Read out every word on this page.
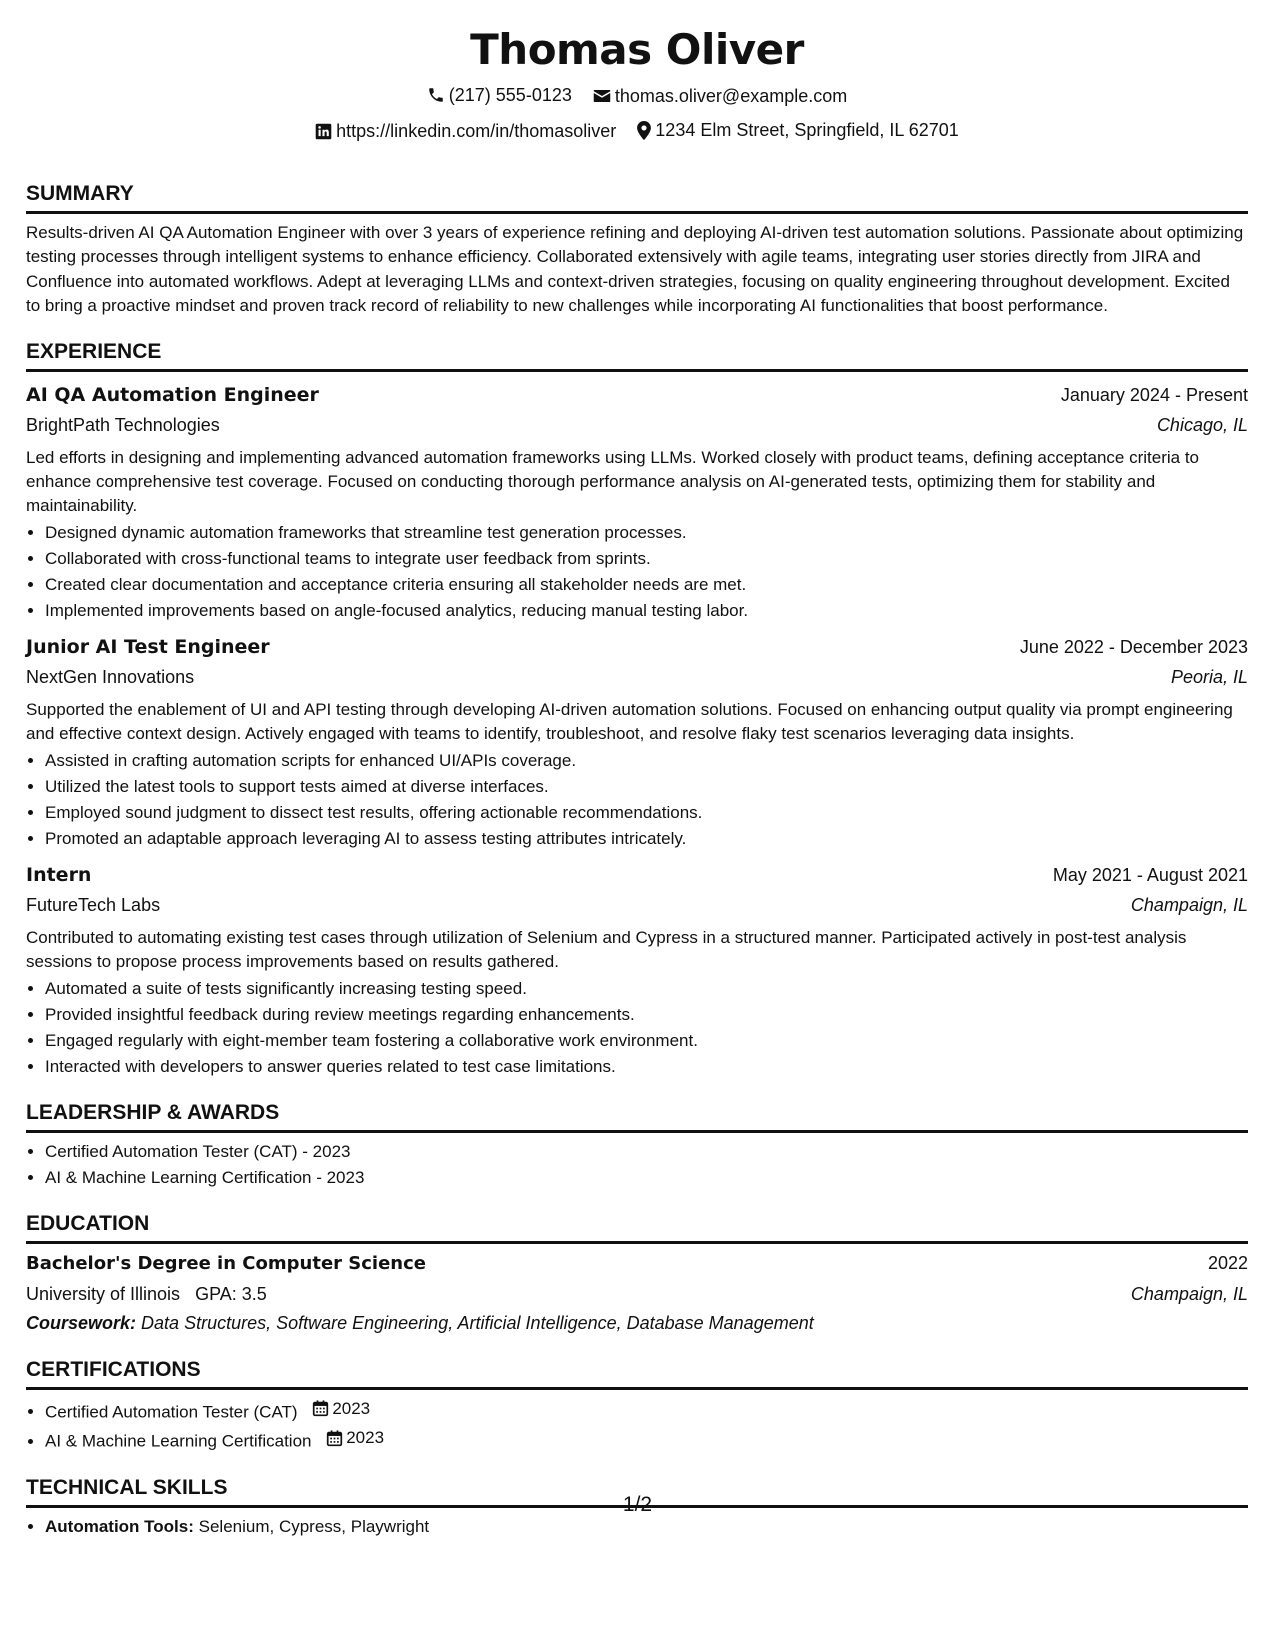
Thomas Oliver
(217) 555-0123
thomas.oliver@example.com
https://linkedin.com/in/thomasoliver
1234 Elm Street, Springfield, IL 62701
SUMMARY

Results-driven AI QA Automation Engineer with over 3 years of experience refining and deploying AI-driven test automation solutions. Passionate about optimizing testing processes through intelligent systems to enhance efficiency. Collaborated extensively with agile teams, integrating user stories directly from JIRA and Confluence into automated workflows. Adept at leveraging LLMs and context-driven strategies, focusing on quality engineering throughout development. Excited to bring a proactive mindset and proven track record of reliability to new challenges while incorporating AI functionalities that boost performance.

EXPERIENCE
AI QA Automation Engineer	January 2024 - Present
BrightPath Technologies	Chicago, IL

Led efforts in designing and implementing advanced automation frameworks using LLMs. Worked closely with product teams, defining acceptance criteria to enhance comprehensive test coverage. Focused on conducting thorough performance analysis on AI-generated tests, optimizing them for stability and maintainability.

• Designed dynamic automation frameworks that streamline test generation processes.
• Collaborated with cross-functional teams to integrate user feedback from sprints.
• Created clear documentation and acceptance criteria ensuring all stakeholder needs are met.
• Implemented improvements based on angle-focused analytics, reducing manual testing labor.
Junior AI Test Engineer	June 2022 - December 2023
NextGen Innovations	Peoria, IL

Supported the enablement of UI and API testing through developing AI-driven automation solutions. Focused on enhancing output quality via prompt engineering and effective context design. Actively engaged with teams to identify, troubleshoot, and resolve flaky test scenarios leveraging data insights.

• Assisted in crafting automation scripts for enhanced UI/APIs coverage.
• Utilized the latest tools to support tests aimed at diverse interfaces.
• Employed sound judgment to dissect test results, offering actionable recommendations.
• Promoted an adaptable approach leveraging AI to assess testing attributes intricately.
Intern	May 2021 - August 2021
FutureTech Labs	Champaign, IL

Contributed to automating existing test cases through utilization of Selenium and Cypress in a structured manner. Participated actively in post-test analysis sessions to propose process improvements based on results gathered.

• Automated a suite of tests significantly increasing testing speed.
• Provided insightful feedback during review meetings regarding enhancements.
• Engaged regularly with eight-member team fostering a collaborative work environment.
• Interacted with developers to answer queries related to test case limitations.
LEADERSHIP & AWARDS
• Certified Automation Tester (CAT) - 2023
• AI & Machine Learning Certification - 2023
EDUCATION
Bachelor's Degree in Computer Science	2022
University of Illinois GPA: 3.5	Champaign, IL
Coursework: Data Structures, Software Engineering, Artificial Intelligence, Database Management
CERTIFICATIONS
• Certified Automation Tester (CAT) 2023
• AI & Machine Learning Certification 2023
TECHNICAL SKILLS
• Automation Tools: Selenium, Cypress, Playwright
1/2
